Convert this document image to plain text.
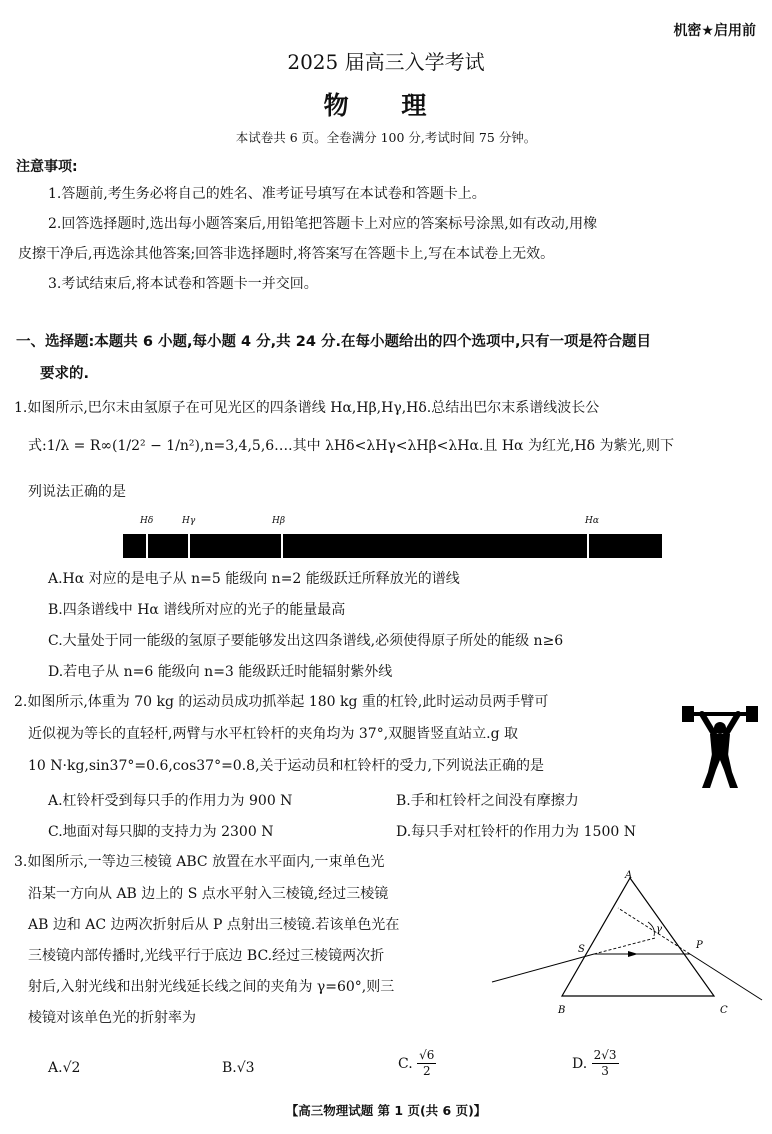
机密★启用前
2025 届高三入学考试
物 理
本试卷共 6 页。全卷满分 100 分,考试时间 75 分钟。
注意事项:
1.答题前,考生务必将自己的姓名、准考证号填写在本试卷和答题卡上。
2.回答选择题时,选出每小题答案后,用铅笔把答题卡上对应的答案标号涂黑,如有改动,用橡
皮擦干净后,再选涂其他答案;回答非选择题时,将答案写在答题卡上,写在本试卷上无效。
3.考试结束后,将本试卷和答题卡一并交回。
一、选择题:本题共 6 小题,每小题 4 分,共 24 分.在每小题给出的四个选项中,只有一项是符合题目
要求的.
1.如图所示,巴尔末由氢原子在可见光区的四条谱线 Hα,Hβ,Hγ,Hδ.总结出巴尔末系谱线波长公
式:1/λ = R∞(1/2² − 1/n²),n=3,4,5,6….其中 λHδ<λHγ<λHβ<λHα.且 Hα 为红光,Hδ 为紫光,则下
列说法正确的是
Hδ	Hγ	Hβ	Hα
A.Hα 对应的是电子从 n=5 能级向 n=2 能级跃迁所释放光的谱线
B.四条谱线中 Hα 谱线所对应的光子的能量最高
C.大量处于同一能级的氢原子要能够发出这四条谱线,必须使得原子所处的能级 n≥6
D.若电子从 n=6 能级向 n=3 能级跃迁时能辐射紫外线
2.如图所示,体重为 70 kg 的运动员成功抓举起 180 kg 重的杠铃,此时运动员两手臂可
近似视为等长的直轻杆,两臂与水平杠铃杆的夹角均为 37°,双腿皆竖直站立.g 取
10 N·kg,sin37°=0.6,cos37°=0.8,关于运动员和杠铃杆的受力,下列说法正确的是
A.杠铃杆受到每只手的作用力为 900 N	B.手和杠铃杆之间没有摩擦力
C.地面对每只脚的支持力为 2300 N	D.每只手对杠铃杆的作用力为 1500 N
3.如图所示,一等边三棱镜 ABC 放置在水平面内,一束单色光
沿某一方向从 AB 边上的 S 点水平射入三棱镜,经过三棱镜
AB 边和 AC 边两次折射后从 P 点射出三棱镜.若该单色光在
三棱镜内部传播时,光线平行于底边 BC.经过三棱镜两次折
射后,入射光线和出射光线延长线之间的夹角为 γ=60°,则三
棱镜对该单色光的折射率为
A
B	C
S	P
γ
A.√2	B.√3	C. $\frac{√6}{2}$	D. $\frac{2√3}{3}$
【高三物理试题 第 1 页(共 6 页)】
